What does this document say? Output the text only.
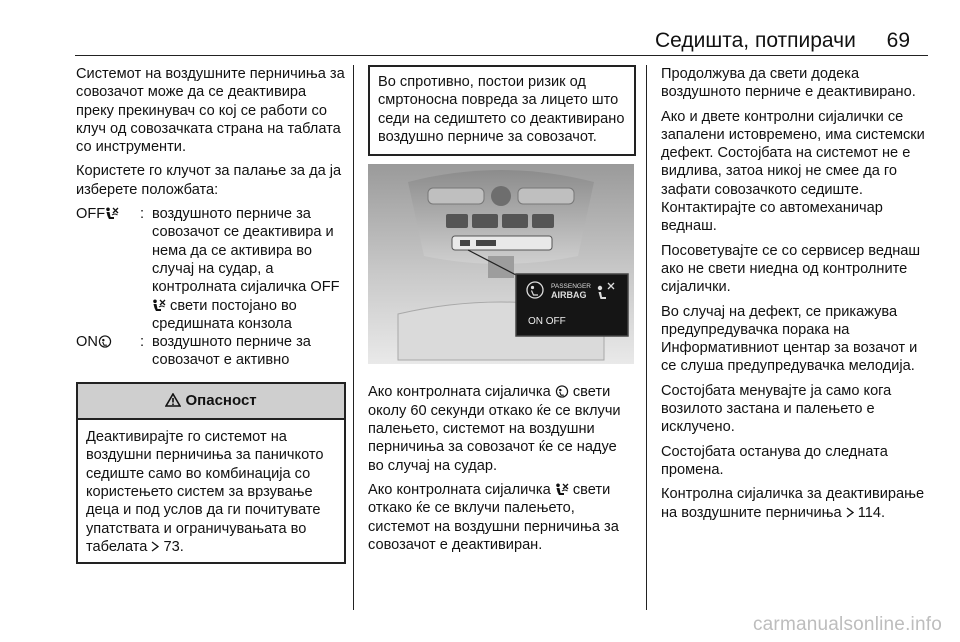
Седишта, потпирачи 69

Системот на воздушните перничиња за совозачот може да се деактивира преку прекинувач со кој се работи со клуч од совозачката страна на таблата со инструменти.

Користете го клучот за палање за да ја изберете положбата:

OFF	: воздушното перниче за совозачот се деактивира и нема да се активира во случај на судар, а контролната сијаличка OFF свети постојано во средишната конзола
ON	: воздушното перниче за совозачот е активно
Опасност
Деактивирајте го системот на воздушни перничиња за паничкото седиште само во комбинација со користењето систем за врзување деца и под услов да ги почитувате упатствата и ограничувањата во табелата 73.
Во спротивно, постои ризик од смртоносна повреда за лицето што седи на седиштето со деактивирано воздушно перниче за совозачот.
PASSENGER
AIRBAG
ON OFF

Ако контролната сијаличка  свети околу 60 секунди откако ќе се вклучи палењето, системот на воздушни перничиња за совозачот ќе се надуе во случај на судар.

Ако контролната сијаличка  свети откако ќе се вклучи палењето, системот на воздушни перничиња за совозачот е деактивиран.

Продолжува да свети додека воздушното перниче е деактивирано.

Ако и двете контролни сијалички се запалени истовремено, има системски дефект. Состојбата на системот не е видлива, затоа никој не смее да го зафати совозачкото седиште. Контактирајте со автомеханичар веднаш.

Посоветувајте се со сервисер веднаш ако не свети ниедна од контролните сијалички.

Во случај на дефект, се прикажува предупредувачка порака на Информативниот центар за возачот и се слуша предупредувачка мелодија.

Состојбата менувајте ја само кога возилото застана и палењето е исклучено.

Состојбата останува до следната промена.

Контролна сијаличка за деактивирање на воздушните перничиња 114.

carmanualsonline.info
